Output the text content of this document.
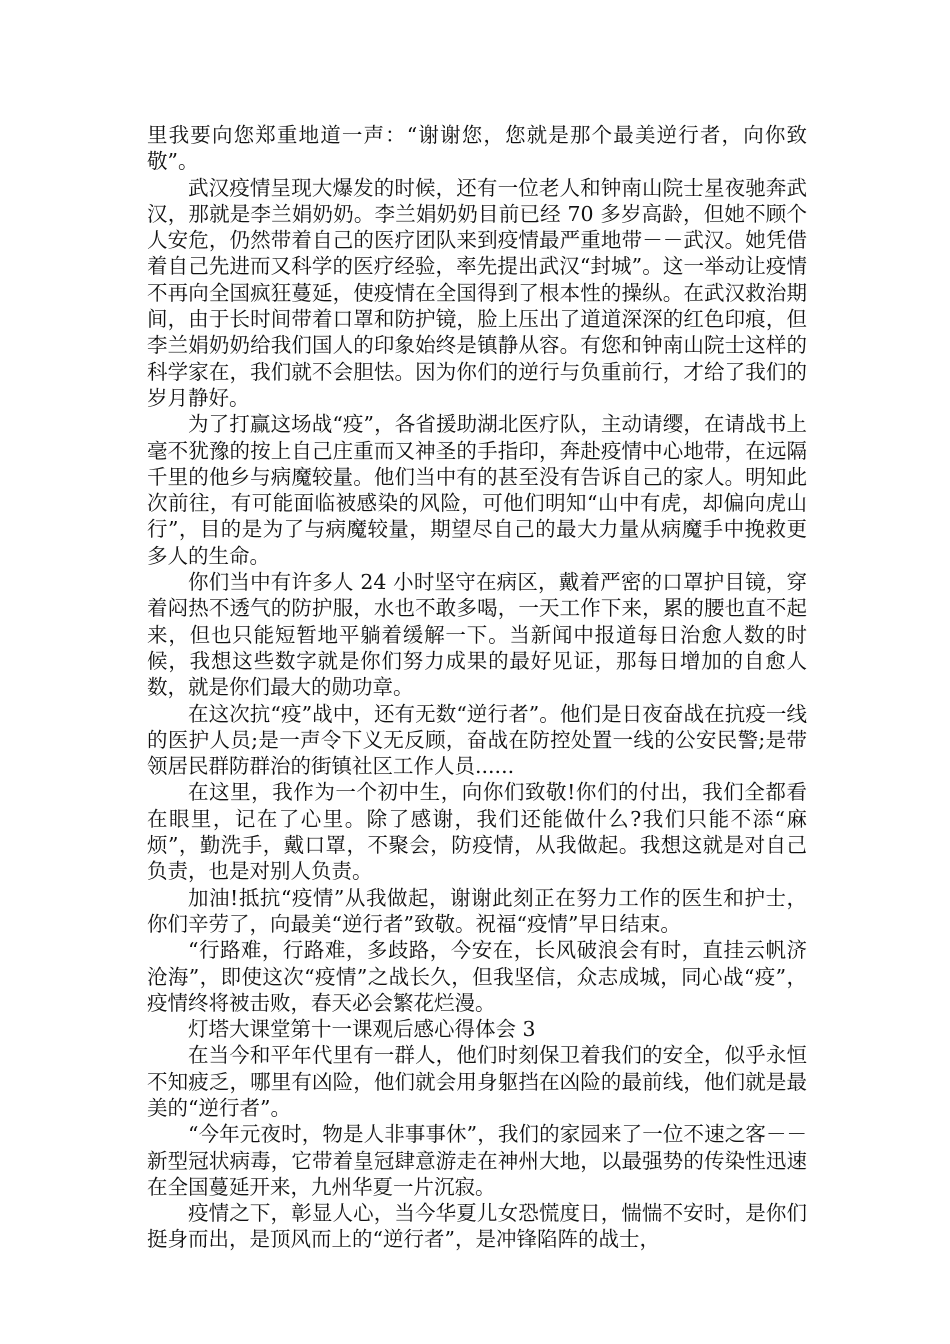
里我要向您郑重地道一声：“谢谢您，您就是那个最美逆行者，向你致敬”。

武汉疫情呈现大爆发的时候，还有一位老人和钟南山院士星夜驰奔武汉，那就是李兰娟奶奶。李兰娟奶奶目前已经 70 多岁高龄，但她不顾个人安危，仍然带着自己的医疗团队来到疫情最严重地带－－武汉。她凭借着自己先进而又科学的医疗经验，率先提出武汉“封城”。这一举动让疫情不再向全国疯狂蔓延，使疫情在全国得到了根本性的操纵。在武汉救治期间，由于长时间带着口罩和防护镜，脸上压出了道道深深的红色印痕，但李兰娟奶奶给我们国人的印象始终是镇静从容。有您和钟南山院士这样的科学家在，我们就不会胆怯。因为你们的逆行与负重前行，才给了我们的岁月静好。

为了打赢这场战“疫”，各省援助湖北医疗队，主动请缨，在请战书上毫不犹豫的按上自己庄重而又神圣的手指印，奔赴疫情中心地带，在远隔千里的他乡与病魔较量。他们当中有的甚至没有告诉自己的家人。明知此次前往，有可能面临被感染的风险，可他们明知“山中有虎，却偏向虎山行”，目的是为了与病魔较量，期望尽自己的最大力量从病魔手中挽救更多人的生命。

你们当中有许多人 24 小时坚守在病区，戴着严密的口罩护目镜，穿着闷热不透气的防护服，水也不敢多喝，一天工作下来，累的腰也直不起来，但也只能短暂地平躺着缓解一下。当新闻中报道每日治愈人数的时候，我想这些数字就是你们努力成果的最好见证，那每日增加的自愈人数，就是你们最大的勋功章。

在这次抗“疫”战中，还有无数“逆行者”。他们是日夜奋战在抗疫一线的医护人员;是一声令下义无反顾，奋战在防控处置一线的公安民警;是带领居民群防群治的街镇社区工作人员......

在这里，我作为一个初中生，向你们致敬!你们的付出，我们全都看在眼里，记在了心里。除了感谢，我们还能做什么?我们只能不添“麻烦”，勤洗手，戴口罩，不聚会，防疫情，从我做起。我想这就是对自己负责，也是对别人负责。

加油!抵抗“疫情”从我做起，谢谢此刻正在努力工作的医生和护士，你们辛劳了，向最美“逆行者”致敬。祝福“疫情”早日结束。

“行路难，行路难，多歧路，今安在，长风破浪会有时，直挂云帆济沧海”，即使这次“疫情”之战长久，但我坚信，众志成城，同心战“疫”，疫情终将被击败，春天必会繁花烂漫。

灯塔大课堂第十一课观后感心得体会 3

在当今和平年代里有一群人，他们时刻保卫着我们的安全，似乎永恒不知疲乏，哪里有凶险，他们就会用身躯挡在凶险的最前线，他们就是最美的“逆行者”。

“今年元夜时，物是人非事事休”，我们的家园来了一位不速之客－－新型冠状病毒，它带着皇冠肆意游走在神州大地，以最强势的传染性迅速在全国蔓延开来，九州华夏一片沉寂。

疫情之下，彰显人心，当今华夏儿女恐慌度日，惴惴不安时，是你们挺身而出，是顶风而上的“逆行者”，是冲锋陷阵的战士，
